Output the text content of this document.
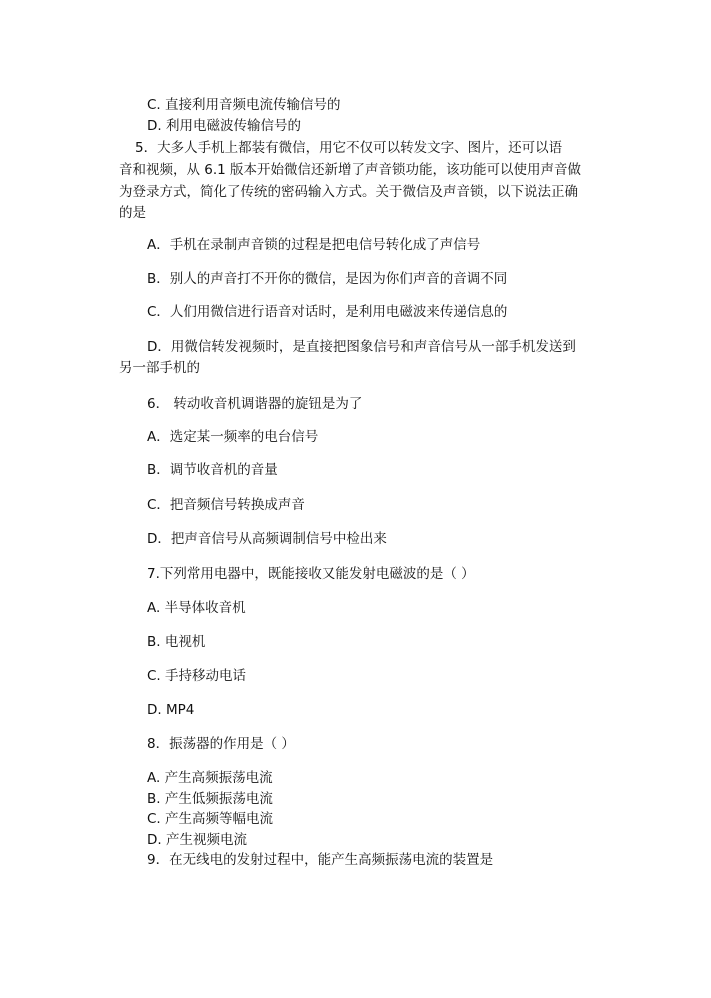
C. 直接利用音频电流传输信号的
D. 利用电磁波传输信号的
5．大多人手机上都装有微信，用它不仅可以转发文字、图片，还可以语
音和视频，从 6.1 版本开始微信还新增了声音锁功能，该功能可以使用声音做
为登录方式，简化了传统的密码输入方式。关于微信及声音锁，以下说法正确
的是
A．手机在录制声音锁的过程是把电信号转化成了声信号
B．别人的声音打不开你的微信，是因为你们声音的音调不同
C．人们用微信进行语音对话时，是利用电磁波来传递信息的
D．用微信转发视频时，是直接把图象信号和声音信号从一部手机发送到
另一部手机的
6． 转动收音机调谐器的旋钮是为了
A．选定某一频率的电台信号
B．调节收音机的音量
C．把音频信号转换成声音
D．把声音信号从高频调制信号中检出来
7.下列常用电器中，既能接收又能发射电磁波的是（ ）
A. 半导体收音机
B. 电视机
C. 手持移动电话
D. MP4
8．振荡器的作用是（ ）
A. 产生高频振荡电流
B. 产生低频振荡电流
C. 产生高频等幅电流
D. 产生视频电流
9．在无线电的发射过程中，能产生高频振荡电流的装置是
